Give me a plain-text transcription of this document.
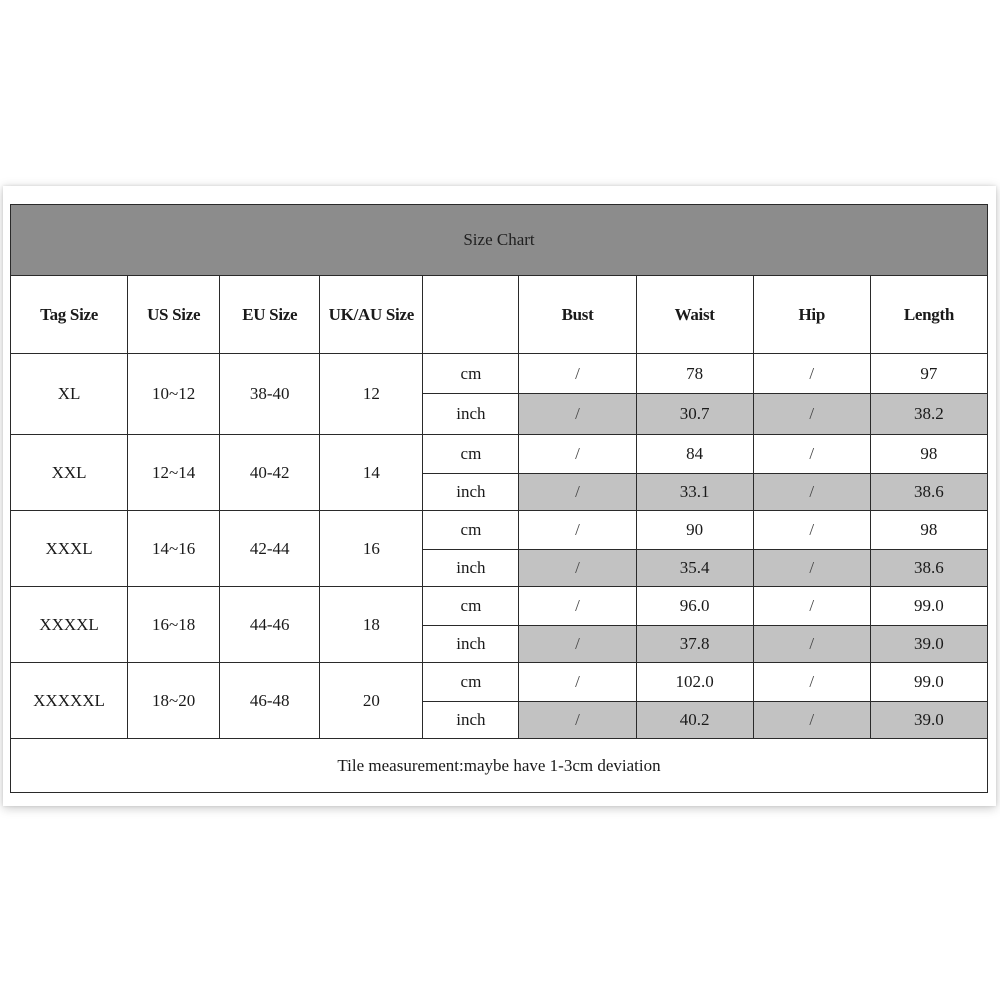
Size Chart								
Tag Size	US Size	EU Size	UK/AU Size		Bust	Waist	Hip	Length
XL	10~12	38-40	12	cm	/	78	/	97
				inch	/	30.7	/	38.2
XXL	12~14	40-42	14	cm	/	84	/	98
				inch	/	33.1	/	38.6
XXXL	14~16	42-44	16	cm	/	90	/	98
				inch	/	35.4	/	38.6
XXXXL	16~18	44-46	18	cm	/	96.0	/	99.0
				inch	/	37.8	/	39.0
XXXXXL	18~20	46-48	20	cm	/	102.0	/	99.0
				inch	/	40.2	/	39.0
Tile measurement:maybe have 1-3cm deviation								
